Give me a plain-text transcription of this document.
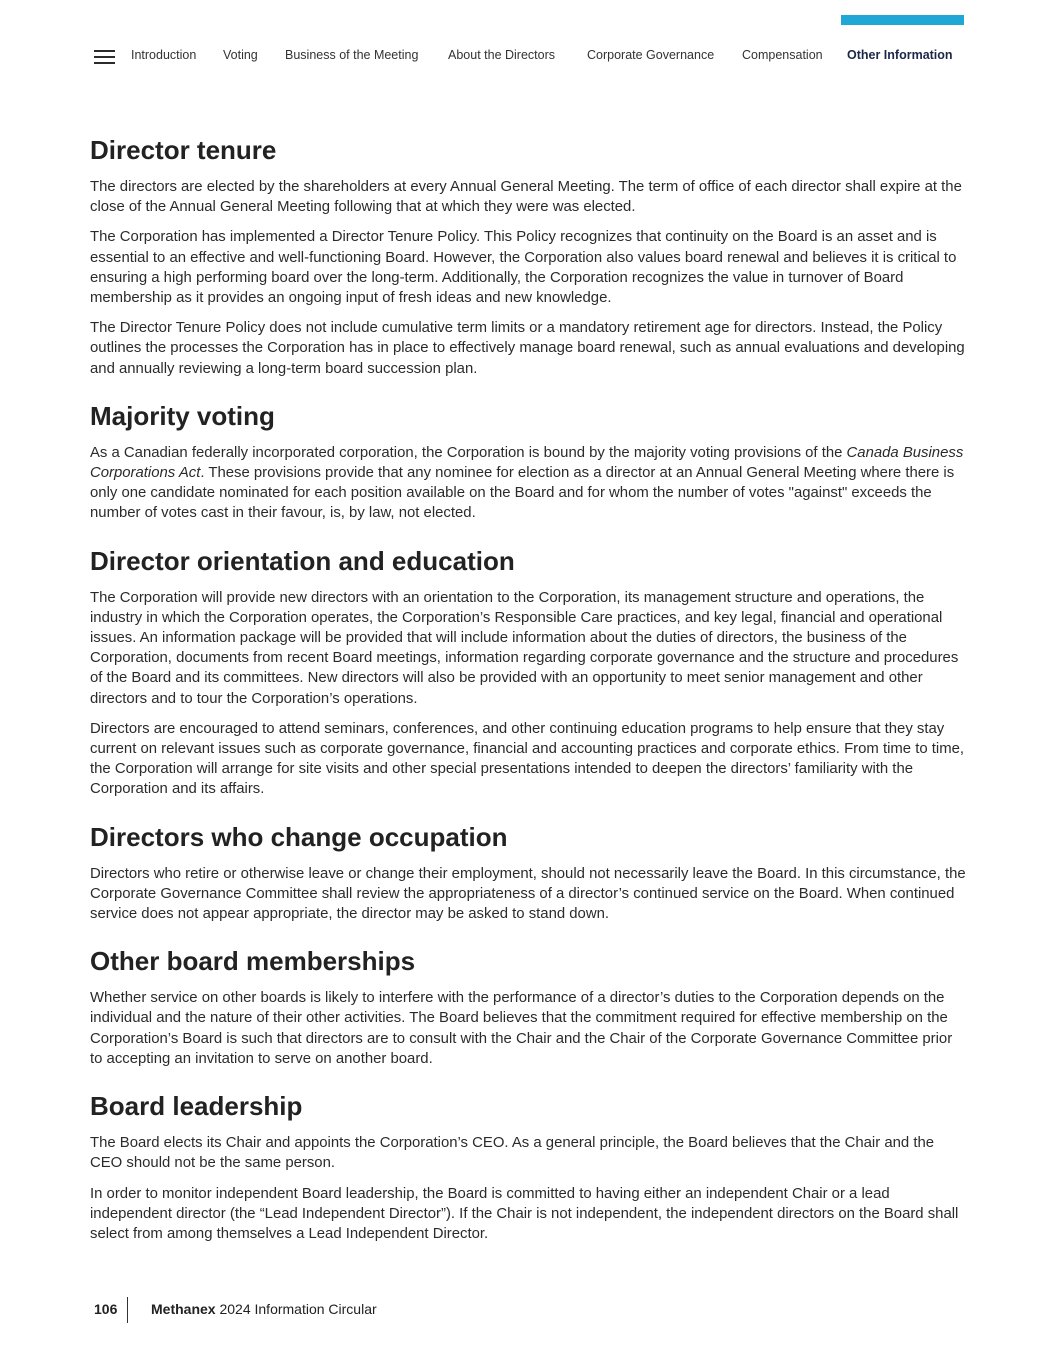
Introduction Voting Business of the Meeting About the Directors	Corporate Governance Compensation Other Information
Director tenure

The directors are elected by the shareholders at every Annual General Meeting. The term of office of each director shall expire at the close of the Annual General Meeting following that at which they were was elected.

The Corporation has implemented a Director Tenure Policy. This Policy recognizes that continuity on the Board is an asset and is essential to an effective and well-functioning Board. However, the Corporation also values board renewal and believes it is critical to ensuring a high performing board over the long-term. Additionally, the Corporation recognizes the value in turnover of Board membership as it provides an ongoing input of fresh ideas and new knowledge.

The Director Tenure Policy does not include cumulative term limits or a mandatory retirement age for directors. Instead, the Policy outlines the processes the Corporation has in place to effectively manage board renewal, such as annual evaluations and developing and annually reviewing a long-term board succession plan.

Majority voting

As a Canadian federally incorporated corporation, the Corporation is bound by the majority voting provisions of the Canada Business Corporations Act. These provisions provide that any nominee for election as a director at an Annual General Meeting where there is only one candidate nominated for each position available on the Board and for whom the number of votes "against" exceeds the number of votes cast in their favour, is, by law, not elected.

Director orientation and education

The Corporation will provide new directors with an orientation to the Corporation, its management structure and operations, the industry in which the Corporation operates, the Corporation’s Responsible Care practices, and key legal, financial and operational issues. An information package will be provided that will include information about the duties of directors, the business of the Corporation, documents from recent Board meetings, information regarding corporate governance and the structure and procedures of the Board and its committees. New directors will also be provided with an opportunity to meet senior management and other directors and to tour the Corporation’s operations.

Directors are encouraged to attend seminars, conferences, and other continuing education programs to help ensure that they stay current on relevant issues such as corporate governance, financial and accounting practices and corporate ethics. From time to time, the Corporation will arrange for site visits and other special presentations intended to deepen the directors’ familiarity with the Corporation and its affairs.

Directors who change occupation

Directors who retire or otherwise leave or change their employment, should not necessarily leave the Board. In this circumstance, the Corporate Governance Committee shall review the appropriateness of a director’s continued service on the Board. When continued service does not appear appropriate, the director may be asked to stand down.

Other board memberships

Whether service on other boards is likely to interfere with the performance of a director’s duties to the Corporation depends on the individual and the nature of their other activities. The Board believes that the commitment required for effective membership on the Corporation’s Board is such that directors are to consult with the Chair and the Chair of the Corporate Governance Committee prior to accepting an invitation to serve on another board.

Board leadership

The Board elects its Chair and appoints the Corporation’s CEO. As a general principle, the Board believes that the Chair and the CEO should not be the same person.

In order to monitor independent Board leadership, the Board is committed to having either an independent Chair or a lead independent director (the “Lead Independent Director”). If the Chair is not independent, the independent directors on the Board shall select from among themselves a Lead Independent Director.

106 Methanex 2024 Information Circular
